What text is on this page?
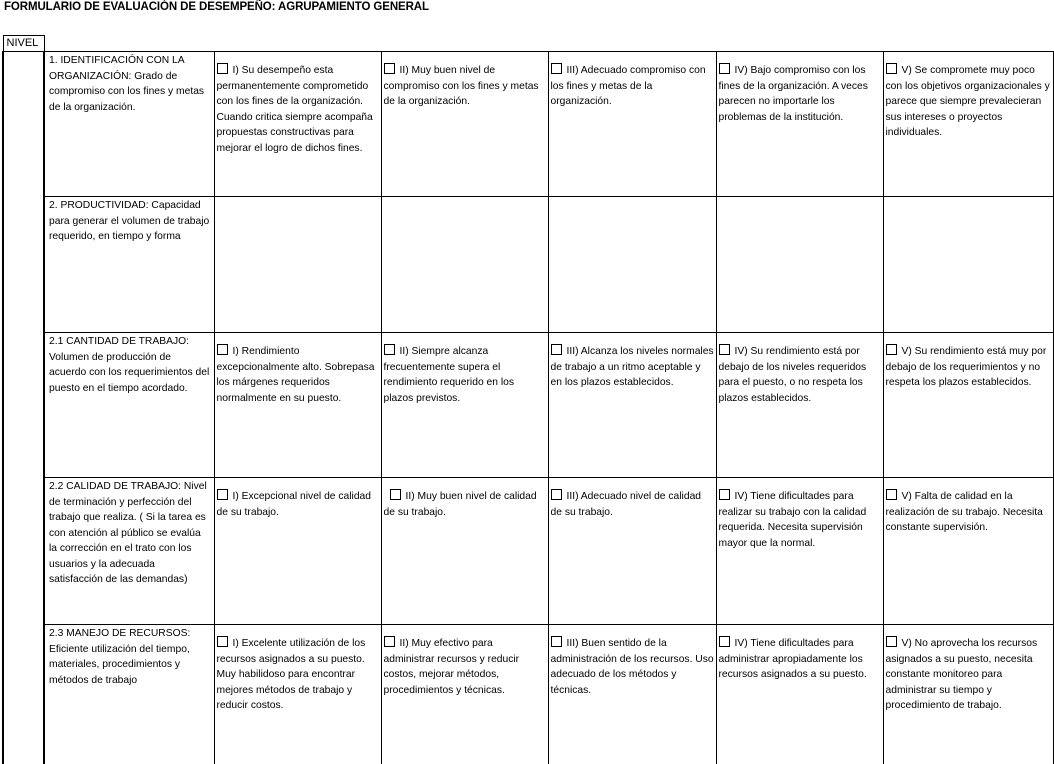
FORMULARIO DE EVALUACIÓN DE DESEMPEÑO: AGRUPAMIENTO GENERAL
NIVEL						
	1. IDENTIFICACIÓN CON LA ORGANIZACIÓN: Grado de compromiso con los fines y metas de la organización.	I) Su desempeño esta permanentemente comprometido con los fines de la organización. Cuando critica siempre acompaña propuestas constructivas para mejorar el logro de dichos fines.	II) Muy buen nivel de compromiso con los fines y metas de la organización.	III) Adecuado compromiso con los fines y metas de la organización.	IV) Bajo compromiso con los fines de la organización. A veces parecen no importarle los problemas de la institución.	V) Se compromete muy poco con los objetivos organizacionales y parece que siempre prevalecieran sus intereses o proyectos individuales.
	2. PRODUCTIVIDAD: Capacidad para generar el volumen de trabajo requerido, en tiempo y forma					
	2.1 CANTIDAD DE TRABAJO: Volumen de producción de acuerdo con los requerimientos del puesto en el tiempo acordado.	I) Rendimiento excepcionalmente alto. Sobrepasa los márgenes requeridos normalmente en su puesto.	II) Siempre alcanza frecuentemente supera el rendimiento requerido en los plazos previstos.	III) Alcanza los niveles normales de trabajo a un ritmo aceptable y en los plazos establecidos.	IV) Su rendimiento está por debajo de los niveles requeridos para el puesto, o no respeta los plazos establecidos.	V) Su rendimiento está muy por debajo de los requerimientos y no respeta los plazos establecidos.
	2.2 CALIDAD DE TRABAJO: Nivel de terminación y perfección del trabajo que realiza. ( Si la tarea es con atención al público se evalúa la corrección en el trato con los usuarios y la adecuada satisfacción de las demandas)	I) Excepcional nivel de calidad de su trabajo.	II) Muy buen nivel de calidad de su trabajo.	III) Adecuado nivel de calidad de su trabajo.	IV) Tiene dificultades para realizar su trabajo con la calidad requerida. Necesita supervisión mayor que la normal.	V) Falta de calidad en la realización de su trabajo. Necesita constante supervisión.
	2.3 MANEJO DE RECURSOS: Eficiente utilización del tiempo, materiales, procedimientos y métodos de trabajo	I) Excelente utilización de los recursos asignados a su puesto. Muy habilidoso para encontrar mejores métodos de trabajo y reducir costos.	II) Muy efectivo para administrar recursos y reducir costos, mejorar métodos, procedimientos y técnicas.	III) Buen sentido de la administración de los recursos. Uso adecuado de los métodos y técnicas.	IV) Tiene dificultades para administrar apropiadamente los recursos asignados a su puesto.	V) No aprovecha los recursos asignados a su puesto, necesita constante monitoreo para administrar su tiempo y procedimiento de trabajo.
